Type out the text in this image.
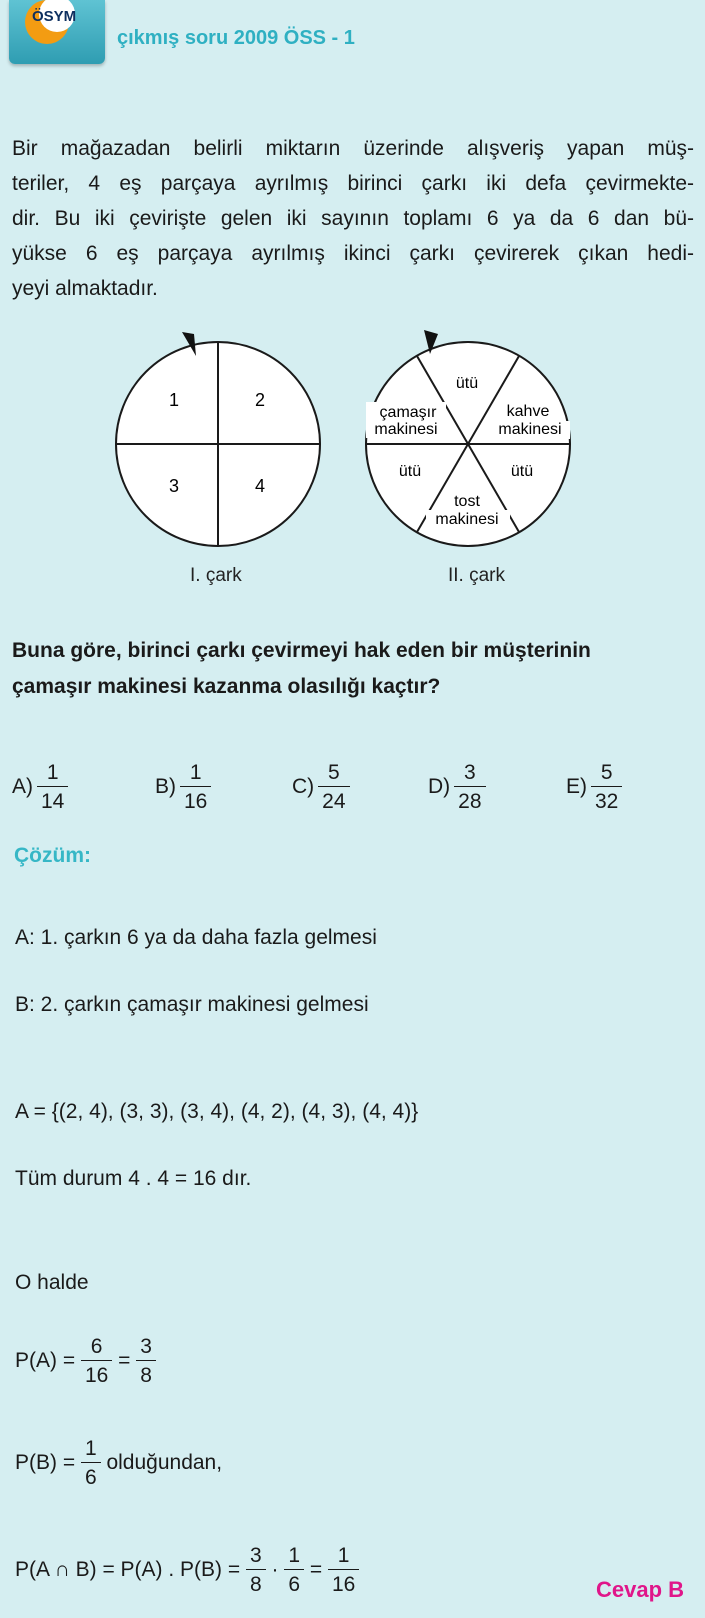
ÖSYM
çıkmış soru 2009 ÖSS - 1
Bir mağazadan belirli miktarın üzerinde alışveriş yapan müş-
teriler, 4 eş parçaya ayrılmış birinci çarkı iki defa çevirmekte-
dir. Bu iki çevirişte gelen iki sayının toplamı 6 ya da 6 dan bü-
yükse 6 eş parçaya ayrılmış ikinci çarkı çevirerek çıkan hedi-
yeyi almaktadır.
1	2
3	4
I. çark
ütü
çamaşır
makinesi
kahve
makinesi
ütü	ütü
tost
makinesi
II. çark
Buna göre, birinci çarkı çevirmeyi hak eden bir müşterinin
çamaşır makinesi kazanma olasılığı kaçtır?
$A) \frac{1}{14}$	$B) \frac{1}{16}$	$C) \frac{5}{24}$	$D) \frac{3}{28}$	$E) \frac{5}{32}$
Çözüm:
A: 1. çarkın 6 ya da daha fazla gelmesi
B: 2. çarkın çamaşır makinesi gelmesi
A = {(2, 4), (3, 3), (3, 4), (4, 2), (4, 3), (4, 4)}
Tüm durum 4 . 4 = 16 dır.
O halde
$P(A) = \frac{6}{16} = \frac{3}{8}$
$P(B) = \frac{1}{6}$ olduğundan,
P(A ∩ B) = P(A) . $P(B) = \frac{3}{8} \cdot \frac{1}{6} = \frac{1}{16}$	Cevap B
